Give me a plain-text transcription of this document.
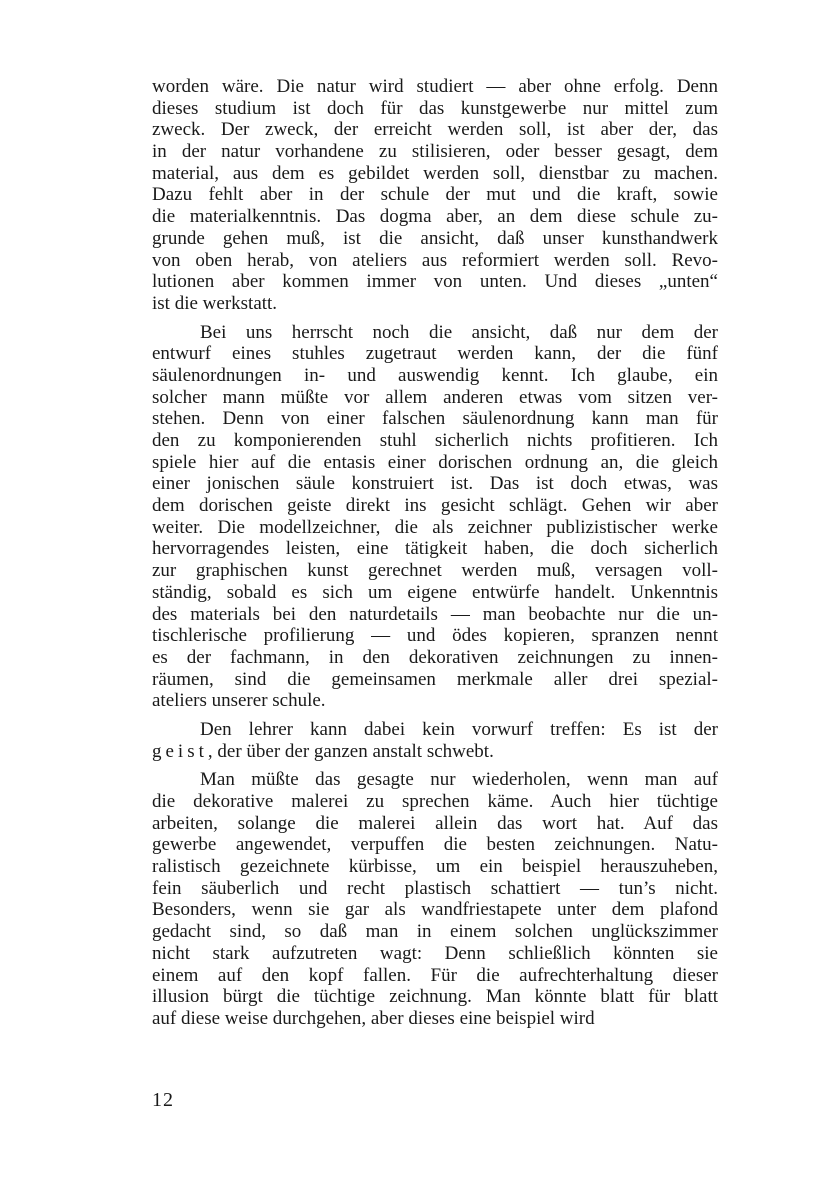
worden wäre. Die natur wird studiert — aber ohne erfolg. Denn
dieses studium ist doch für das kunstgewerbe nur mittel zum
zweck. Der zweck, der erreicht werden soll, ist aber der, das
in der natur vorhandene zu stilisieren, oder besser gesagt, dem
material, aus dem es gebildet werden soll, dienstbar zu machen.
Dazu fehlt aber in der schule der mut und die kraft, sowie
die materialkenntnis. Das dogma aber, an dem diese schule zu-
grunde gehen muß, ist die ansicht, daß unser kunsthandwerk
von oben herab, von ateliers aus reformiert werden soll. Revo-
lutionen aber kommen immer von unten. Und dieses „unten“
ist die werkstatt.
Bei uns herrscht noch die ansicht, daß nur dem der
entwurf eines stuhles zugetraut werden kann, der die fünf
säulenordnungen in- und auswendig kennt. Ich glaube, ein
solcher mann müßte vor allem anderen etwas vom sitzen ver-
stehen. Denn von einer falschen säulenordnung kann man für
den zu komponierenden stuhl sicherlich nichts profitieren. Ich
spiele hier auf die entasis einer dorischen ordnung an, die gleich
einer jonischen säule konstruiert ist. Das ist doch etwas, was
dem dorischen geiste direkt ins gesicht schlägt. Gehen wir aber
weiter. Die modellzeichner, die als zeichner publizistischer werke
hervorragendes leisten, eine tätigkeit haben, die doch sicherlich
zur graphischen kunst gerechnet werden muß, versagen voll-
ständig, sobald es sich um eigene entwürfe handelt. Unkenntnis
des materials bei den naturdetails — man beobachte nur die un-
tischlerische profilierung — und ödes kopieren, spranzen nennt
es der fachmann, in den dekorativen zeichnungen zu innen-
räumen, sind die gemeinsamen merkmale aller drei spezial-
ateliers unserer schule.
Den lehrer kann dabei kein vorwurf treffen: Es ist der
geist, der über der ganzen anstalt schwebt.
Man müßte das gesagte nur wiederholen, wenn man auf
die dekorative malerei zu sprechen käme. Auch hier tüchtige
arbeiten, solange die malerei allein das wort hat. Auf das
gewerbe angewendet, verpuffen die besten zeichnungen. Natu-
ralistisch gezeichnete kürbisse, um ein beispiel herauszuheben,
fein säuberlich und recht plastisch schattiert — tun’s nicht.
Besonders, wenn sie gar als wandfriestapete unter dem plafond
gedacht sind, so daß man in einem solchen unglückszimmer
nicht stark aufzutreten wagt: Denn schließlich könnten sie
einem auf den kopf fallen. Für die aufrechterhaltung dieser
illusion bürgt die tüchtige zeichnung. Man könnte blatt für blatt
auf diese weise durchgehen, aber dieses eine beispiel wird
12
